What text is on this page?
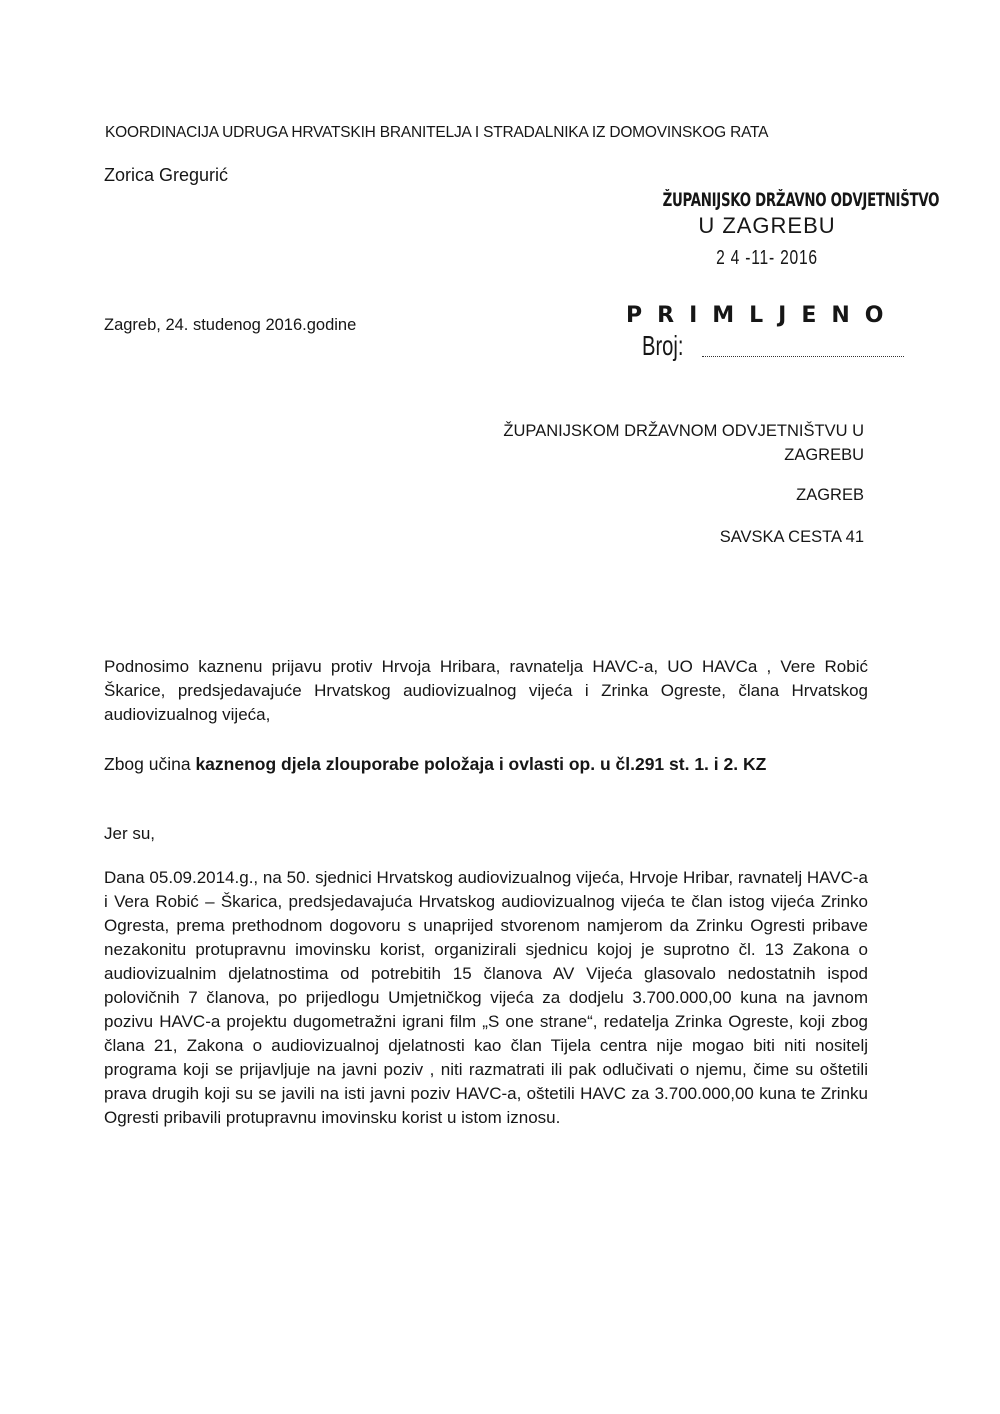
KOORDINACIJA UDRUGA HRVATSKIH BRANITELJA I STRADALNIKA IZ DOMOVINSKOG RATA
Zorica Gregurić
Zagreb, 24. studenog 2016.godine
ŽUPANIJSKO DRŽAVNO ODVJETNIŠTVO
U ZAGREBU
2 4 -11- 2016
PRIMLJENO
Broj:
ŽUPANIJSKOM DRŽAVNOM ODVJETNIŠTVU U
ZAGREBU
ZAGREB
SAVSKA CESTA 41
Podnosimo kaznenu prijavu protiv Hrvoja Hribara, ravnatelja HAVC-a, UO HAVCa , Vere Robić Škarice, predsjedavajuće Hrvatskog audiovizualnog vijeća i Zrinka Ogreste, člana Hrvatskog audiovizualnog vijeća,
Zbog učina kaznenog djela zlouporabe položaja i ovlasti op. u čl.291 st. 1. i 2. KZ
Jer su,
Dana 05.09.2014.g., na 50. sjednici Hrvatskog audiovizualnog vijeća, Hrvoje Hribar, ravnatelj HAVC-a i Vera Robić – Škarica, predsjedavajuća Hrvatskog audiovizualnog vijeća te član istog vijeća Zrinko Ogresta, prema prethodnom dogovoru s unaprijed stvorenom namjerom da Zrinku Ogresti pribave nezakonitu protupravnu imovinsku korist, organizirali sjednicu kojoj je suprotno čl. 13 Zakona o audiovizualnim djelatnostima od potrebitih 15 članova AV Vijeća glasovalo nedostatnih ispod polovičnih 7 članova, po prijedlogu Umjetničkog vijeća za dodjelu 3.700.000,00 kuna na javnom pozivu HAVC-a projektu dugometražni igrani film „S one strane“, redatelja Zrinka Ogreste, koji zbog člana 21, Zakona o audiovizualnoj djelatnosti kao član Tijela centra nije mogao biti niti nositelj programa koji se prijavljuje na javni poziv , niti razmatrati ili pak odlučivati o njemu, čime su oštetili prava drugih koji su se javili na isti javni poziv HAVC-a, oštetili HAVC za 3.700.000,00 kuna te Zrinku Ogresti pribavili protupravnu imovinsku korist u istom iznosu.
